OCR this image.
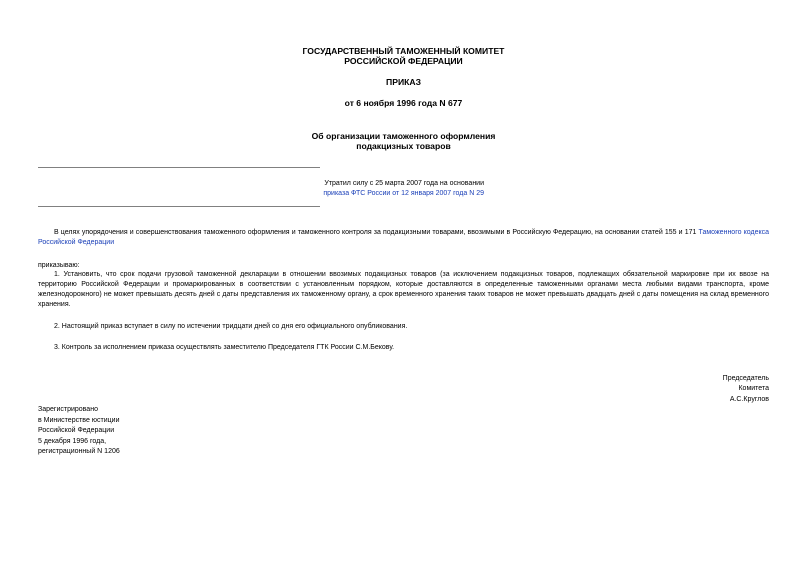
ГОСУДАРСТВЕННЫЙ ТАМОЖЕННЫЙ КОМИТЕТ
РОССИЙСКОЙ ФЕДЕРАЦИИ
ПРИКАЗ
от 6 ноября 1996 года N 677
Об организации таможенного оформления
подакцизных товаров
Утратил силу с 25 марта 2007 года на основании
приказа ФТС России от 12 января 2007 года N 29
В целях упорядочения и совершенствования таможенного оформления и таможенного контроля за подакцизными товарами, ввозимыми в Российскую Федерацию, на основании статей 155 и 171 Таможенного кодекса Российской Федерации
приказываю:
1. Установить, что срок подачи грузовой таможенной декларации в отношении ввозимых подакцизных товаров (за исключением подакцизных товаров, подлежащих обязательной маркировке при их ввозе на территорию Российской Федерации и промаркированных в соответствии с установленным порядком, которые доставляются в определенные таможенными органами места любыми видами транспорта, кроме железнодорожного) не может превышать десять дней с даты представления их таможенному органу, а срок временного хранения таких товаров не может превышать двадцать дней с даты помещения на склад временного хранения.
2. Настоящий приказ вступает в силу по истечении тридцати дней со дня его официального опубликования.
3. Контроль за исполнением приказа осуществлять заместителю Председателя ГТК России С.М.Бекову.
Председатель
Комитета
А.С.Круглов
Зарегистрировано
в Министерстве юстиции
Российской Федерации
5 декабря 1996 года,
регистрационный N 1206
